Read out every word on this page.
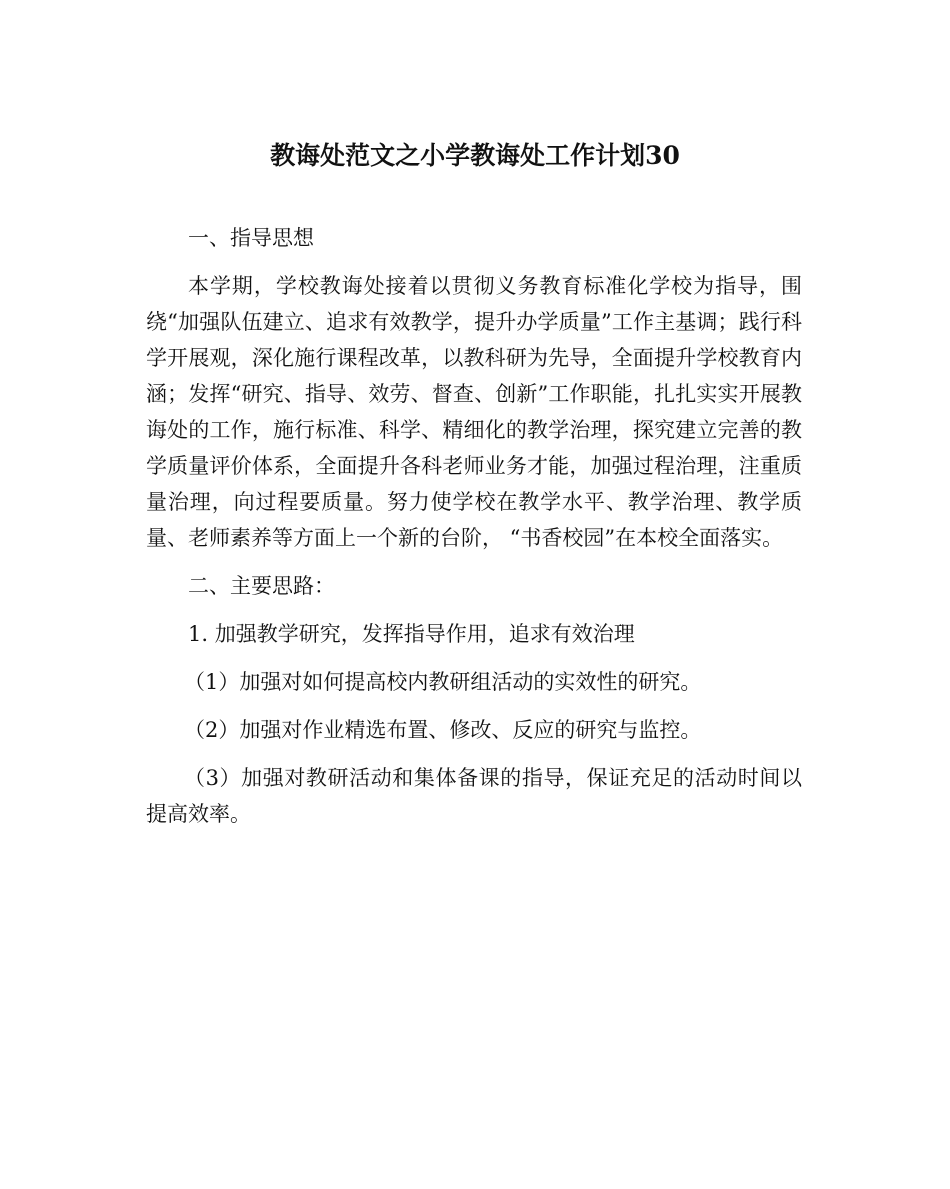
教诲处范文之小学教诲处工作计划30

一、指导思想

本学期，学校教诲处接着以贯彻义务教育标准化学校为指导，围绕“加强队伍建立、追求有效教学，提升办学质量”工作主基调；践行科学开展观，深化施行课程改革，以教科研为先导，全面提升学校教育内涵；发挥“研究、指导、效劳、督查、创新”工作职能，扎扎实实开展教诲处的工作，施行标准、科学、精细化的教学治理，探究建立完善的教学质量评价体系，全面提升各科老师业务才能，加强过程治理，注重质量治理，向过程要质量。努力使学校在教学水平、教学治理、教学质量、老师素养等方面上一个新的台阶， “书香校园”在本校全面落实。

二、主要思路：

1. 加强教学研究，发挥指导作用，追求有效治理

（1）加强对如何提高校内教研组活动的实效性的研究。

（2）加强对作业精选布置、修改、反应的研究与监控。

（3）加强对教研活动和集体备课的指导，保证充足的活动时间以提高效率。
